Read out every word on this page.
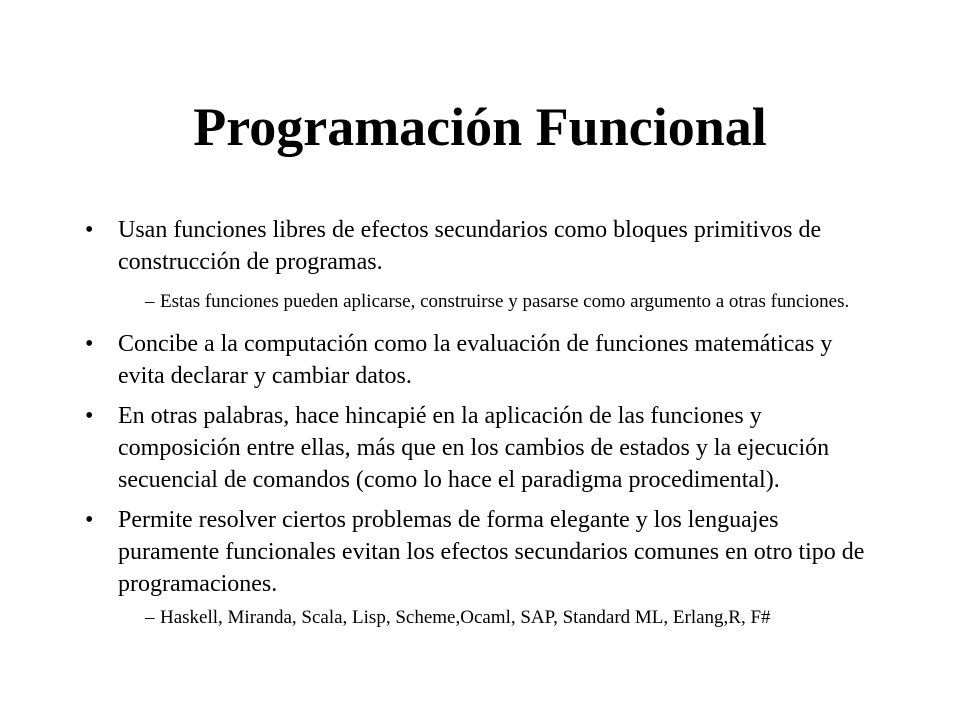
Programación Funcional
• Usan funciones libres de efectos secundarios como bloques primitivos de construcción de programas.
– Estas funciones pueden aplicarse, construirse y pasarse como argumento a otras funciones.
• Concibe a la computación como la evaluación de funciones matemáticas y evita declarar y cambiar datos.
• En otras palabras, hace hincapié en la aplicación de las funciones y composición entre ellas, más que en los cambios de estados y la ejecución secuencial de comandos (como lo hace el paradigma procedimental).
• Permite resolver ciertos problemas de forma elegante y los lenguajes puramente funcionales evitan los efectos secundarios comunes en otro tipo de programaciones.
– Haskell, Miranda, Scala, Lisp, Scheme,Ocaml, SAP, Standard ML, Erlang,R, F#
